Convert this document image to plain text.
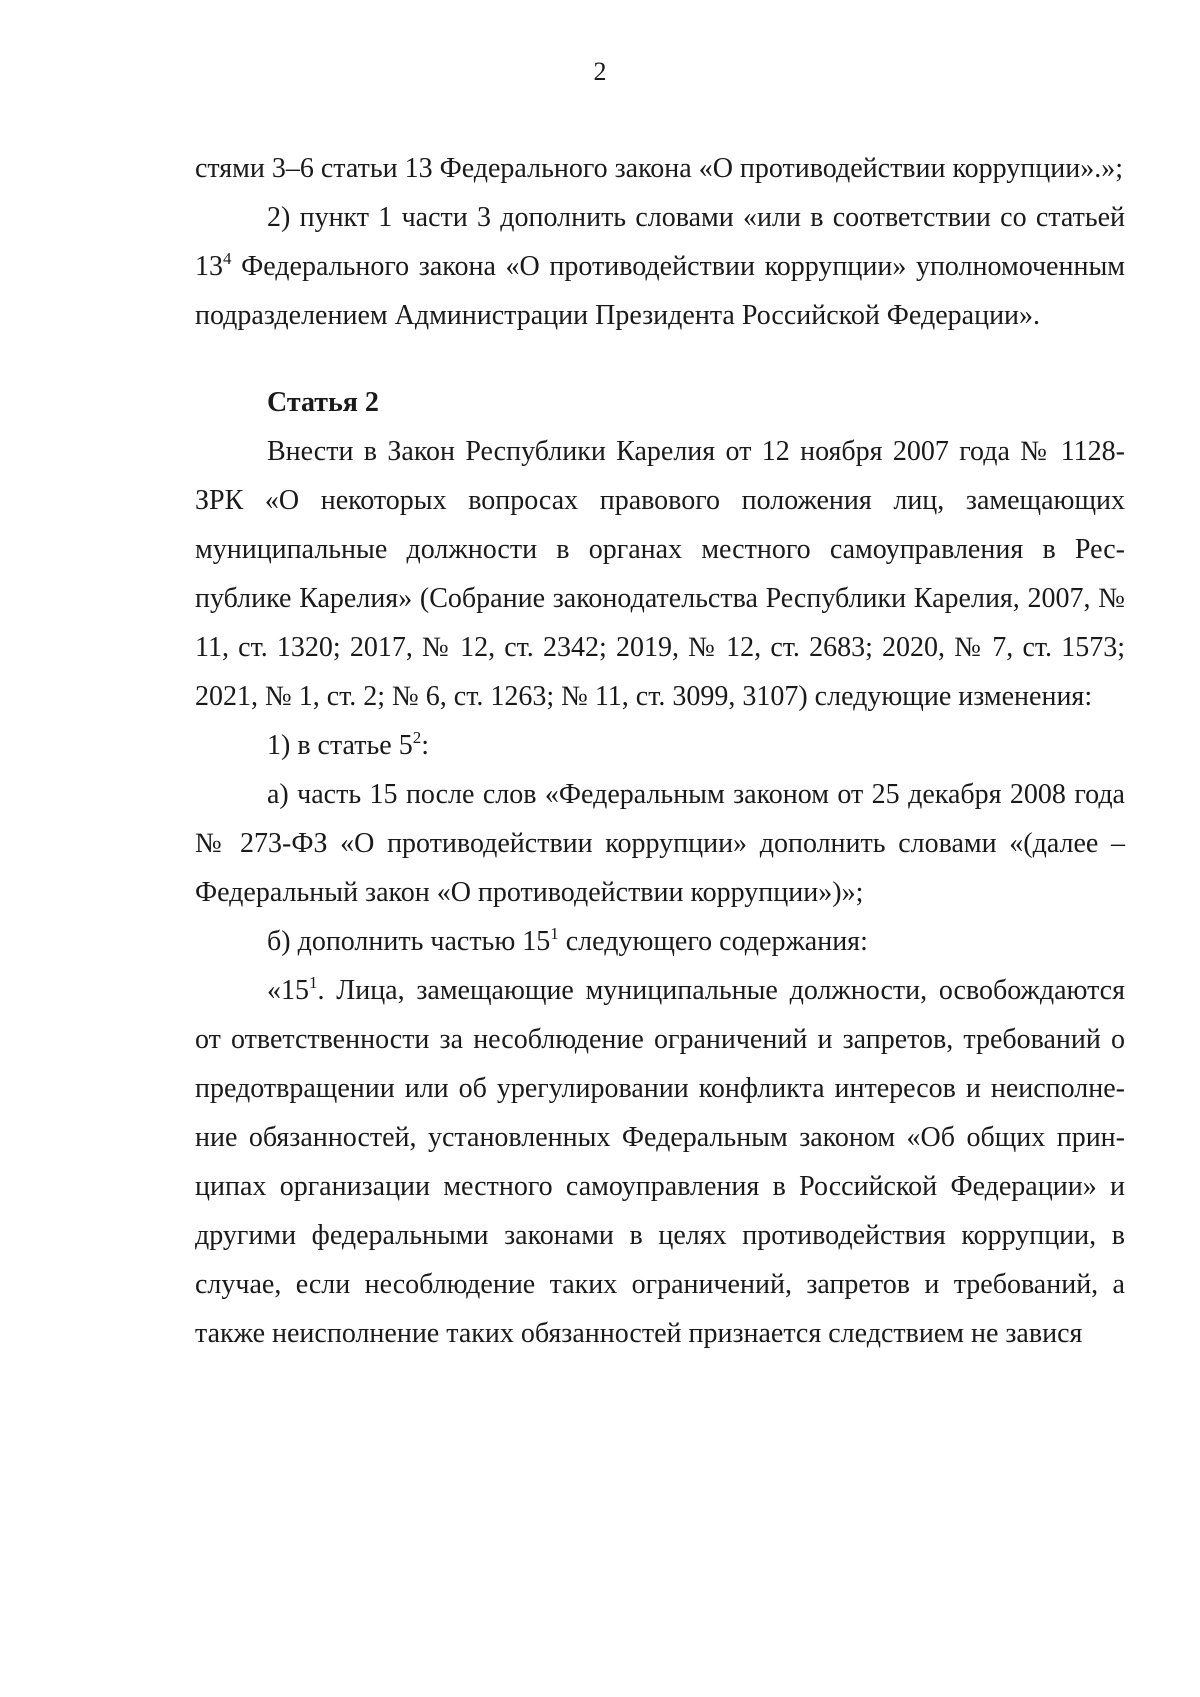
2

стями 3–6 статьи 13 Федерального закона «О противодействии коррупции».»;

2) пункт 1 части 3 дополнить словами «или в соответствии со статьей $13^4$ Федерального закона «О противодействии коррупции» уполномоченным подразделением Администрации Президента Российской Федерации».

Статья 2

Внести в Закон Республики Карелия от 12 ноября 2007 года № 1128-ЗРК «О некоторых вопросах правового положения лиц, замещающих муниципальные должности в органах местного самоуправления в Республике Карелия» (Собрание законодательства Республики Карелия, 2007, № 11, ст. 1320; 2017, № 12, ст. 2342; 2019, № 12, ст. 2683; 2020, № 7, ст. 1573; 2021, № 1, ст. 2; № 6, ст. 1263; № 11, ст. 3099, 3107) следующие изменения:

1) в статье $5^2$:

а) часть 15 после слов «Федеральным законом от 25 декабря 2008 года № 273-ФЗ «О противодействии коррупции» дополнить словами «(далее – Федеральный закон «О противодействии коррупции»)»;

б) дополнить частью $15^1$ следующего содержания:

«$15^1$. Лица, замещающие муниципальные должности, освобождаются от ответственности за несоблюдение ограничений и запретов, требований о предотвращении или об урегулировании конфликта интересов и неисполнение обязанностей, установленных Федеральным законом «Об общих принципах организации местного самоуправления в Российской Федерации» и другими федеральными законами в целях противодействия коррупции, в случае, если несоблюдение таких ограничений, запретов и требований, а также неисполнение таких обязанностей признается следствием не завися
